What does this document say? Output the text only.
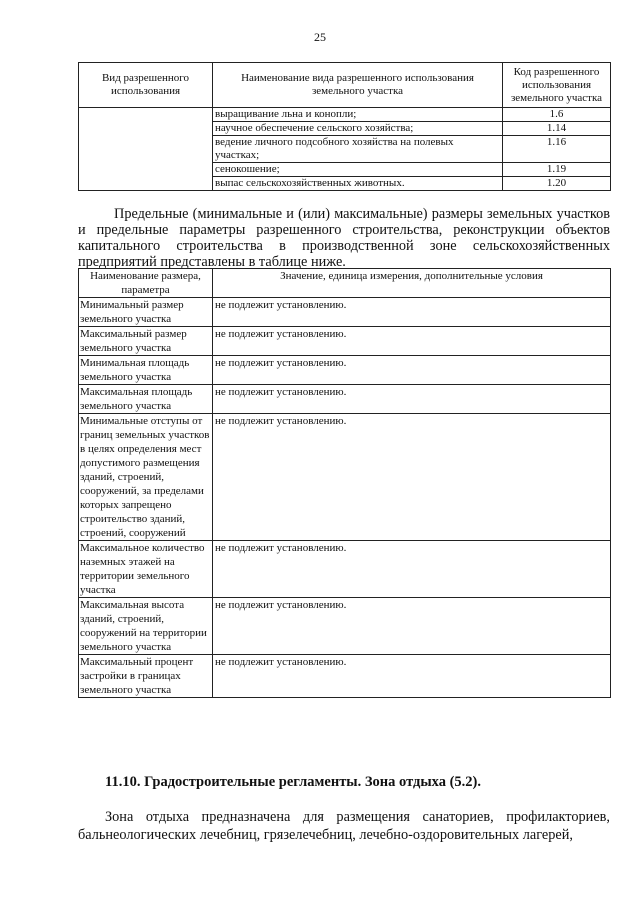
25
Вид разрешенного использования	Наименование вида разрешенного использования земельного участка	Код разрешенного использования земельного участка
	выращивание льна и конопли;	1.6
	научное обеспечение сельского хозяйства;	1.14
	ведение личного подсобного хозяйства на полевых участках;	1.16
	сенокошение;	1.19
	выпас сельскохозяйственных животных.	1.20

Предельные (минимальные и (или) максимальные) размеры земельных участков и предельные параметры разрешенного строительства, реконструкции объектов капитального строительства в производственной зоне сельскохозяйственных предприятий представлены в таблице ниже.

Наименование размера, параметра	Значение, единица измерения, дополнительные условия
Минимальный размер земельного участка	не подлежит установлению.
Максимальный размер земельного участка	не подлежит установлению.
Минимальная площадь земельного участка	не подлежит установлению.
Максимальная площадь земельного участка	не подлежит установлению.
Минимальные отступы от границ земельных участков в целях определения мест допустимого размещения зданий, строений, сооружений, за пределами которых запрещено строительство зданий, строений, сооружений	не подлежит установлению.
Максимальное количество наземных этажей на территории земельного участка	не подлежит установлению.
Максимальная высота зданий, строений, сооружений на территории земельного участка	не подлежит установлению.
Максимальный процент застройки в границах земельного участка	не подлежит установлению.

11.10. Градостроительные регламенты. Зона отдыха (5.2).

Зона отдыха предназначена для размещения санаториев, профилакториев, бальнеологических лечебниц, грязелечебниц, лечебно-оздоровительных лагерей,
